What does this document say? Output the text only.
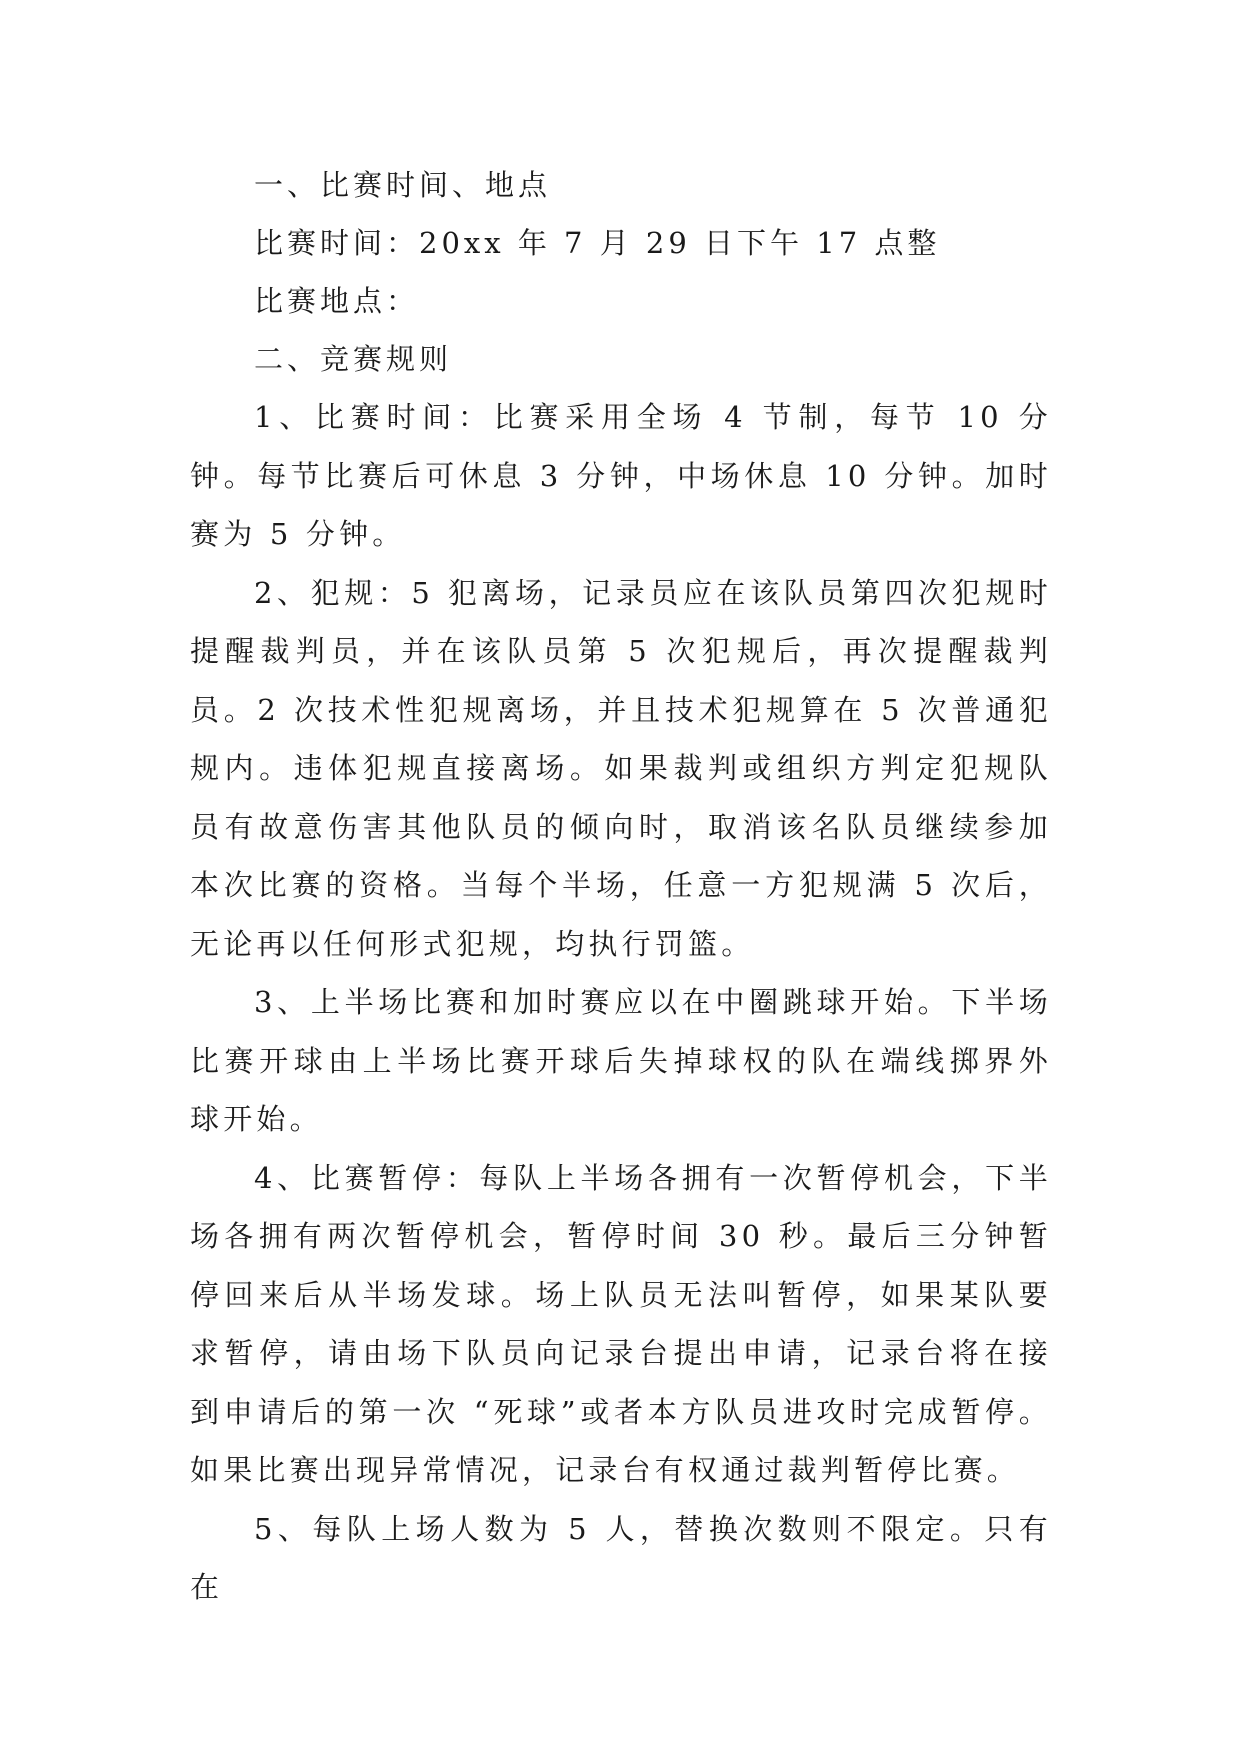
一、比赛时间、地点
比赛时间：20xx 年 7 月 29 日下午 17 点整
比赛地点：
二、竞赛规则

1、比赛时间：比赛采用全场 4 节制，每节 10 分钟。每节比赛后可休息 3 分钟，中场休息 10 分钟。加时赛为 5 分钟。

2、犯规：5 犯离场，记录员应在该队员第四次犯规时提醒裁判员，并在该队员第 5 次犯规后，再次提醒裁判员。2 次技术性犯规离场，并且技术犯规算在 5 次普通犯规内。违体犯规直接离场。如果裁判或组织方判定犯规队员有故意伤害其他队员的倾向时，取消该名队员继续参加本次比赛的资格。当每个半场，任意一方犯规满 5 次后，无论再以任何形式犯规，均执行罚篮。

3、上半场比赛和加时赛应以在中圈跳球开始。下半场比赛开球由上半场比赛开球后失掉球权的队在端线掷界外球开始。

4、比赛暂停：每队上半场各拥有一次暂停机会，下半场各拥有两次暂停机会，暂停时间 30 秒。最后三分钟暂停回来后从半场发球。场上队员无法叫暂停，如果某队要求暂停，请由场下队员向记录台提出申请，记录台将在接到申请后的第一次 “死球”或者本方队员进攻时完成暂停。如果比赛出现异常情况，记录台有权通过裁判暂停比赛。

5、每队上场人数为 5 人，替换次数则不限定。只有在
